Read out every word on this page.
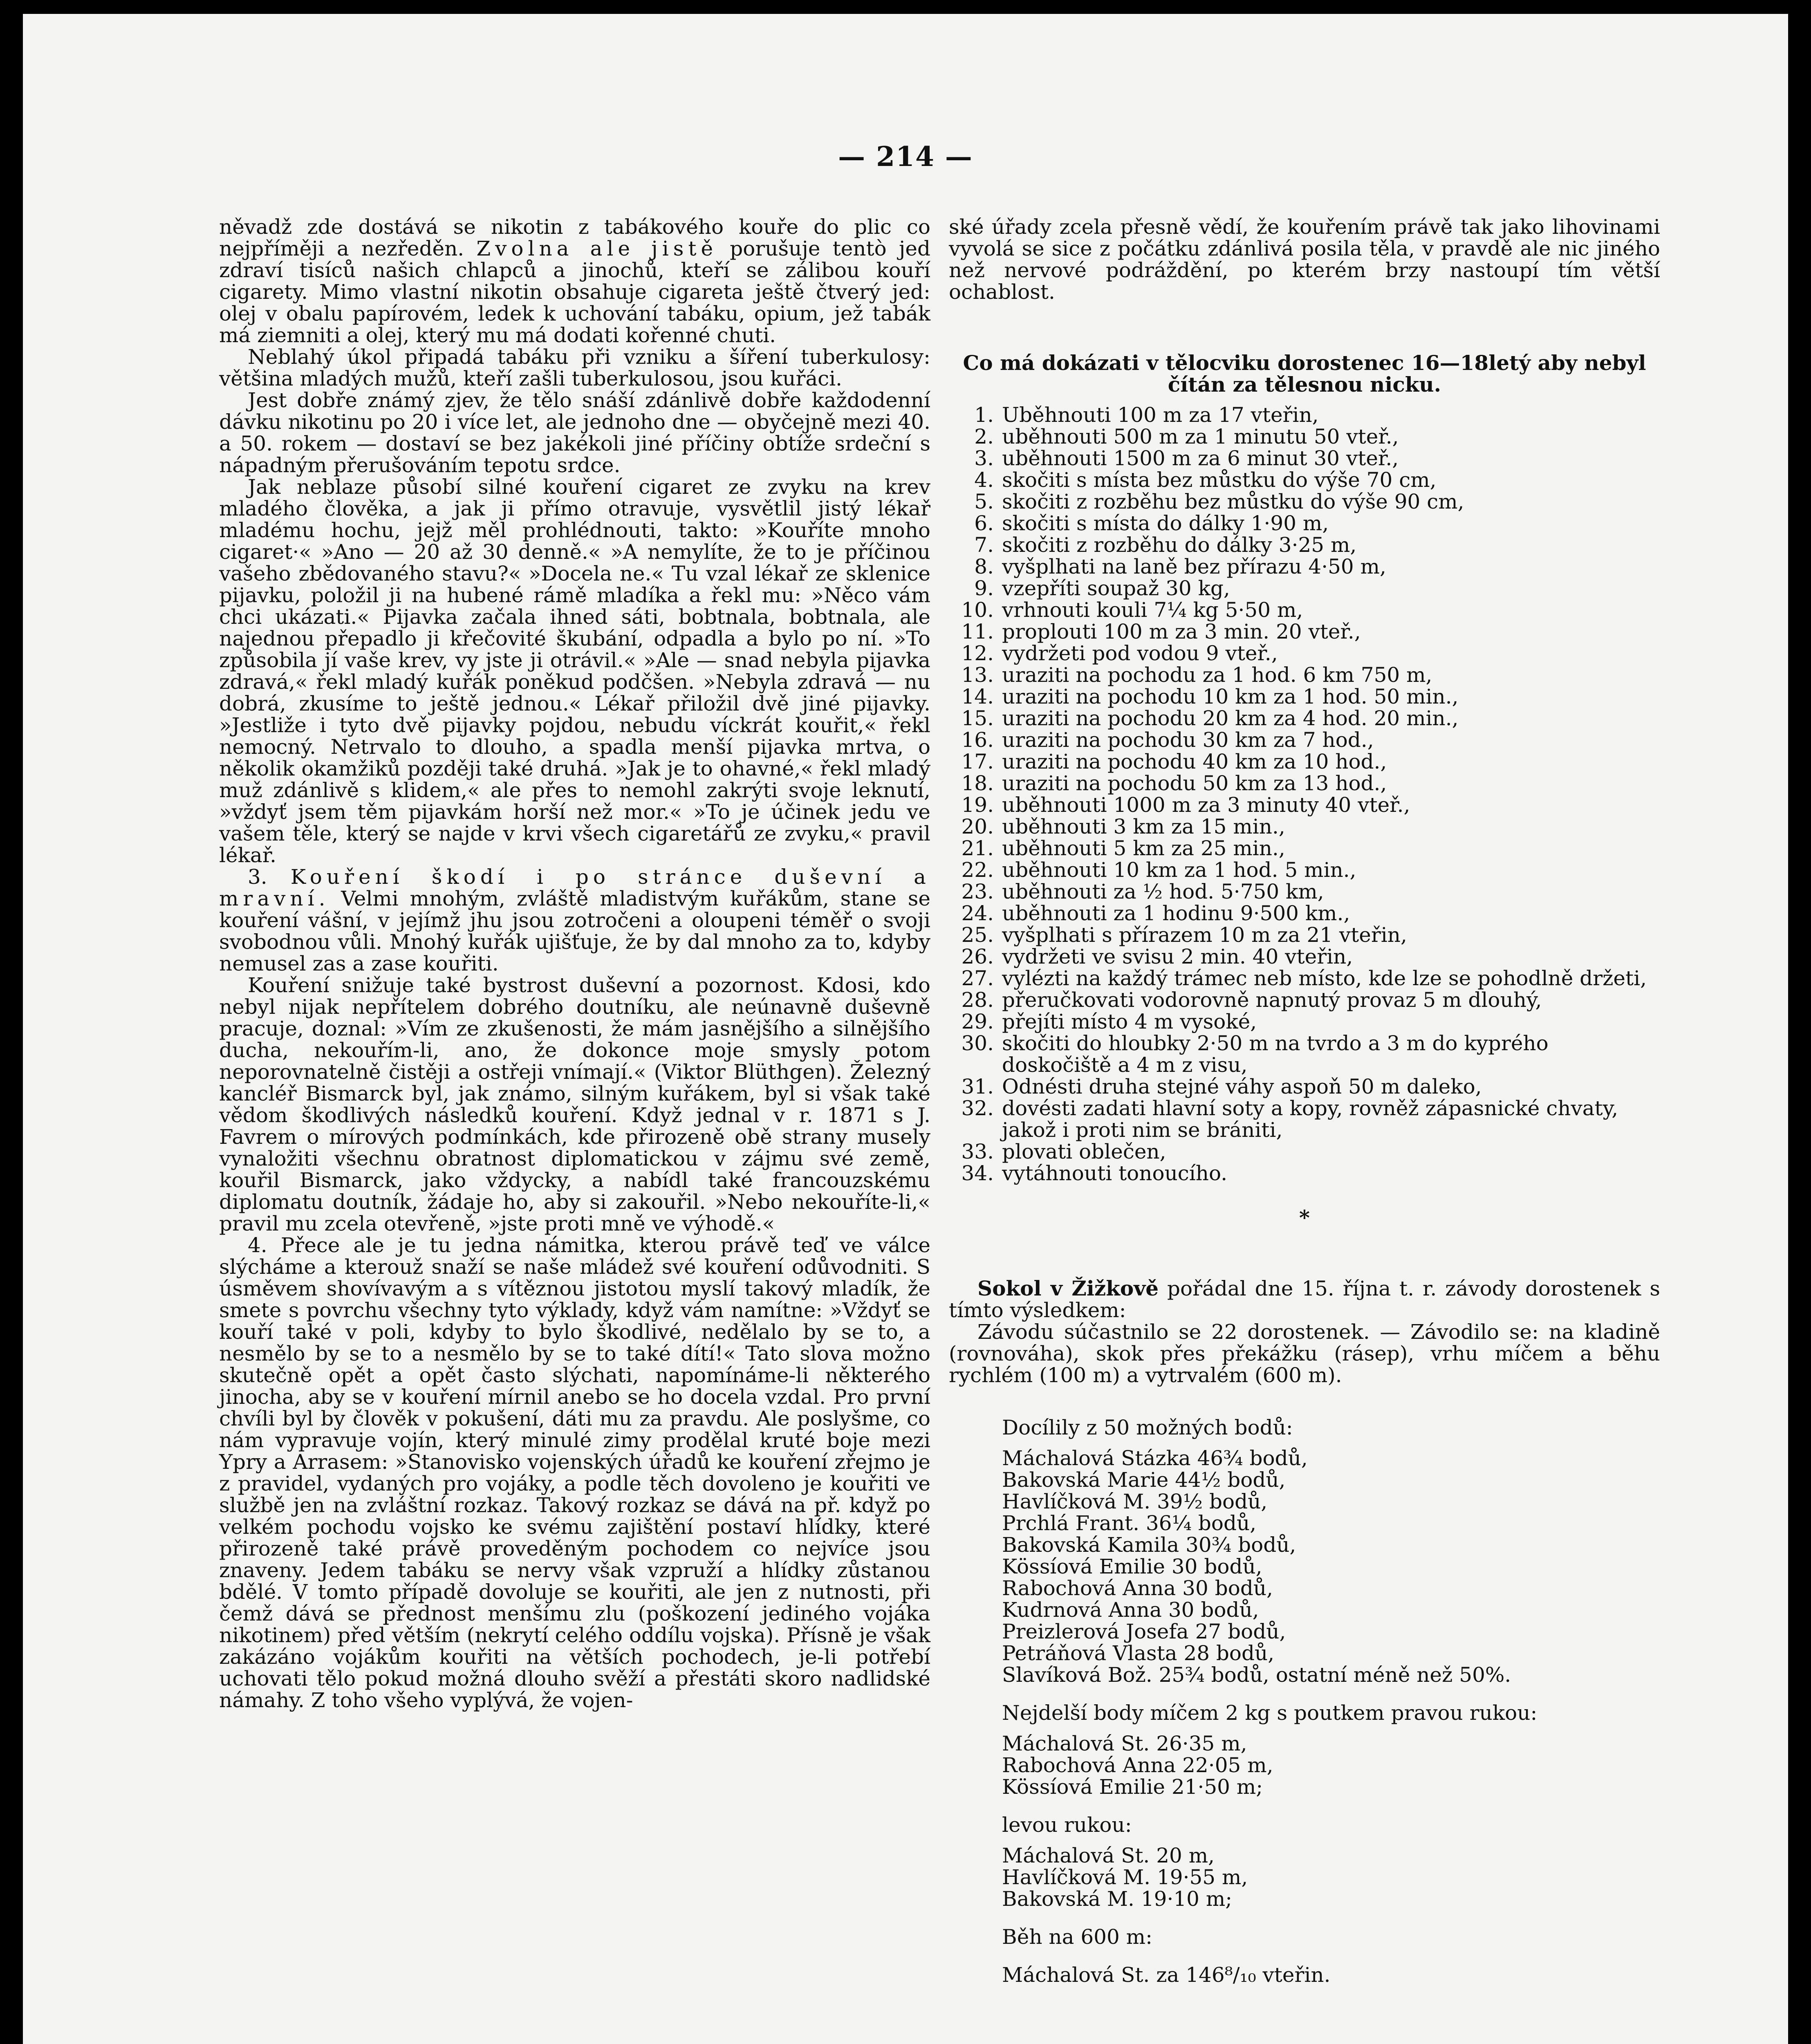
— 214 —

něvadž zde dostává se nikotin z tabákového kouře do plic co nejpříměji a nezředěn. Zvolna ale jistě porušuje tentò jed zdraví tisíců našich chlapců a jinochů, kteří se zálibou kouří cigarety. Mimo vlastní nikotin obsahuje cigareta ještě čtverý jed: olej v obalu papírovém, ledek k uchování tabáku, opium, jež tabák má ziemniti a olej, který mu má dodati kořenné chuti.

Neblahý úkol připadá tabáku při vzniku a šíření tuberkulosy: většina mladých mužů, kteří zašli tuberkulosou, jsou kuřáci.

Jest dobře známý zjev, že tělo snáší zdánlivě dobře každodenní dávku nikotinu po 20 i více let, ale jednoho dne — obyčejně mezi 40. a 50. rokem — dostaví se bez jakékoli jiné příčiny obtíže srdeční s nápadným přerušováním tepotu srdce.

Jak neblaze působí silné kouření cigaret ze zvyku na krev mladého člověka, a jak ji přímo otravuje, vysvětlil jistý lékař mladému hochu, jejž měl prohlédnouti, takto: »Kouříte mnoho cigaret·« »Ano — 20 až 30 denně.« »A nemylíte, že to je příčinou vašeho zbědovaného stavu?« »Docela ne.« Tu vzal lékař ze sklenice pijavku, položil ji na hubené rámě mladíka a řekl mu: »Něco vám chci ukázati.« Pijavka začala ihned sáti, bobtnala, bobtnala, ale najednou přepadlo ji křečovité škubání, odpadla a bylo po ní. »To způsobila jí vaše krev, vy jste ji otrávil.« »Ale — snad nebyla pijavka zdravá,« řekl mladý kuřák poněkud podčšen. »Nebyla zdravá — nu dobrá, zkusíme to ještě jednou.« Lékař přiložil dvě jiné pijavky. »Jestliže i tyto dvě pijavky pojdou, nebudu víckrát kouřit,« řekl nemocný. Netrvalo to dlouho, a spadla menší pijavka mrtva, o několik okamžiků později také druhá. »Jak je to ohavné,« řekl mladý muž zdánlivě s klidem,« ale přes to nemohl zakrýti svoje leknutí, »vždyť jsem těm pijavkám horší než mor.« »To je účinek jedu ve vašem těle, který se najde v krvi všech cigaretářů ze zvyku,« pravil lékař.

3. Kouření škodí i po stránce duševní a mravní. Velmi mnohým, zvláště mladistvým kuřákům, stane se kouření vášní, v jejímž jhu jsou zotročeni a oloupeni téměř o svoji svobodnou vůli. Mnohý kuřák ujišťuje, že by dal mnoho za to, kdyby nemusel zas a zase kouřiti.

Kouření snižuje také bystrost duševní a pozornost. Kdosi, kdo nebyl nijak nepřítelem dobrého doutníku, ale neúnavně duševně pracuje, doznal: »Vím ze zkušenosti, že mám jasnějšího a silnějšího ducha, nekouřím-li, ano, že dokonce moje smysly potom neporovnatelně čistěji a ostřeji vnímají.« (Viktor Blüthgen). Železný kancléř Bismarck byl, jak známo, silným kuřákem, byl si však také vědom škodlivých následků kouření. Když jednal v r. 1871 s J. Favrem o mírových podmínkách, kde přirozeně obě strany musely vynaložiti všechnu obratnost diplomatickou v zájmu své země, kouřil Bismarck, jako vždycky, a nabídl také francouzskému diplomatu doutník, žádaje ho, aby si zakouřil. »Nebo nekouříte-li,« pravil mu zcela otevřeně, »jste proti mně ve výhodě.«

4. Přece ale je tu jedna námitka, kterou právě teď ve válce slýcháme a kterouž snaží se naše mládež své kouření odůvodniti. S úsměvem shovívavým a s vítěznou jistotou myslí takový mladík, že smete s povrchu všechny tyto výklady, když vám namítne: »Vždyť se kouří také v poli, kdyby to bylo škodlivé, nedělalo by se to, a nesmělo by se to a nesmělo by se to také dítí!« Tato slova možno skutečně opět a opět často slýchati, napomínáme-li některého jinocha, aby se v kouření mírnil anebo se ho docela vzdal. Pro první chvíli byl by člověk v pokušení, dáti mu za pravdu. Ale poslyšme, co nám vypravuje vojín, který minulé zimy prodělal kruté boje mezi Ypry a Arrasem: »Stanovisko vojenských úřadů ke kouření zřejmo je z pravidel, vydaných pro vojáky, a podle těch dovoleno je kouřiti ve službě jen na zvláštní rozkaz. Takový rozkaz se dává na př. když po velkém pochodu vojsko ke svému zajištění postaví hlídky, které přirozeně také právě proveděným pochodem co nejvíce jsou znaveny. Jedem tabáku se nervy však vzpruží a hlídky zůstanou bdělé. V tomto případě dovoluje se kouřiti, ale jen z nutnosti, při čemž dává se přednost menšímu zlu (poškození jediného vojáka nikotinem) před větším (nekrytí celého oddílu vojska). Přísně je však zakázáno vojákům kouřiti na větších pochodech, je-li potřebí uchovati tělo pokud možná dlouho svěží a přestáti skoro nadlidské námahy. Z toho všeho vyplývá, že vojen-

ské úřady zcela přesně vědí, že kouřením právě tak jako lihovinami vyvolá se sice z počátku zdánlivá posila těla, v pravdě ale nic jiného než nervové podráždění, po kterém brzy nastoupí tím větší ochablost.

Co má dokázati v tělocviku dorostenec 16—18letý aby nebyl čítán za tělesnou nicku.

1. Uběhnouti 100 m za 17 vteřin,
2. uběhnouti 500 m za 1 minutu 50 vteř.,
3. uběhnouti 1500 m za 6 minut 30 vteř.,
4. skočiti s místa bez můstku do výše 70 cm,
5. skočiti z rozběhu bez můstku do výše 90 cm,
6. skočiti s místa do dálky 1·90 m,
7. skočiti z rozběhu do dálky 3·25 m,
8. vyšplhati na laně bez přírazu 4·50 m,
9. vzepříti soupaž 30 kg,
10. vrhnouti kouli 7¼ kg 5·50 m,
11. proplouti 100 m za 3 min. 20 vteř.,
12. vydržeti pod vodou 9 vteř.,
13. uraziti na pochodu za 1 hod. 6 km 750 m,
14. uraziti na pochodu 10 km za 1 hod. 50 min.,
15. uraziti na pochodu 20 km za 4 hod. 20 min.,
16. uraziti na pochodu 30 km za 7 hod.,
17. uraziti na pochodu 40 km za 10 hod.,
18. uraziti na pochodu 50 km za 13 hod.,
19. uběhnouti 1000 m za 3 minuty 40 vteř.,
20. uběhnouti 3 km za 15 min.,
21. uběhnouti 5 km za 25 min.,
22. uběhnouti 10 km za 1 hod. 5 min.,
23. uběhnouti za ½ hod. 5·750 km,
24. uběhnouti za 1 hodinu 9·500 km.,
25. vyšplhati s přírazem 10 m za 21 vteřin,
26. vydržeti ve svisu 2 min. 40 vteřin,
27. vylézti na každý trámec neb místo, kde lze se pohodlně držeti,
28. přeručkovati vodorovně napnutý provaz 5 m dlouhý,
29. přejíti místo 4 m vysoké,
30. skočiti do hloubky 2·50 m na tvrdo a 3 m do kyprého doskočiště a 4 m z visu,
31. Odnésti druha stejné váhy aspoň 50 m daleko,
32. dovésti zadati hlavní soty a kopy, rovněž zápasnické chvaty, jakož i proti nim se brániti,
33. plovati oblečen,
34. vytáhnouti tonoucího.

*

Sokol v Žižkově pořádal dne 15. října t. r. závody dorostenek s tímto výsledkem:

Závodu súčastnilo se 22 dorostenek. — Závodilo se: na kladině (rovnováha), skok přes překážku (rásep), vrhu míčem a běhu rychlém (100 m) a vytrvalém (600 m).

Docílily z 50 možných bodů:

Máchalová Stázka 46¾ bodů,

Bakovská Marie 44½ bodů,

Havlíčková M. 39½ bodů,

Prchlá Frant. 36¼ bodů,

Bakovská Kamila 30¾ bodů,

Kössíová Emilie 30 bodů,

Rabochová Anna 30 bodů,

Kudrnová Anna 30 bodů,

Preizlerová Josefa 27 bodů,

Petráňová Vlasta 28 bodů,

Slavíková Bož. 25¾ bodů, ostatní méně než 50%.

Nejdelší body míčem 2 kg s poutkem pravou rukou:

Máchalová St. 26·35 m,

Rabochová Anna 22·05 m,

Kössíová Emilie 21·50 m;

levou rukou:

Máchalová St. 20 m,

Havlíčková M. 19·55 m,

Bakovská M. 19·10 m;

Běh na 600 m:

Máchalová St. za 146⁸/₁₀ vteřin.
